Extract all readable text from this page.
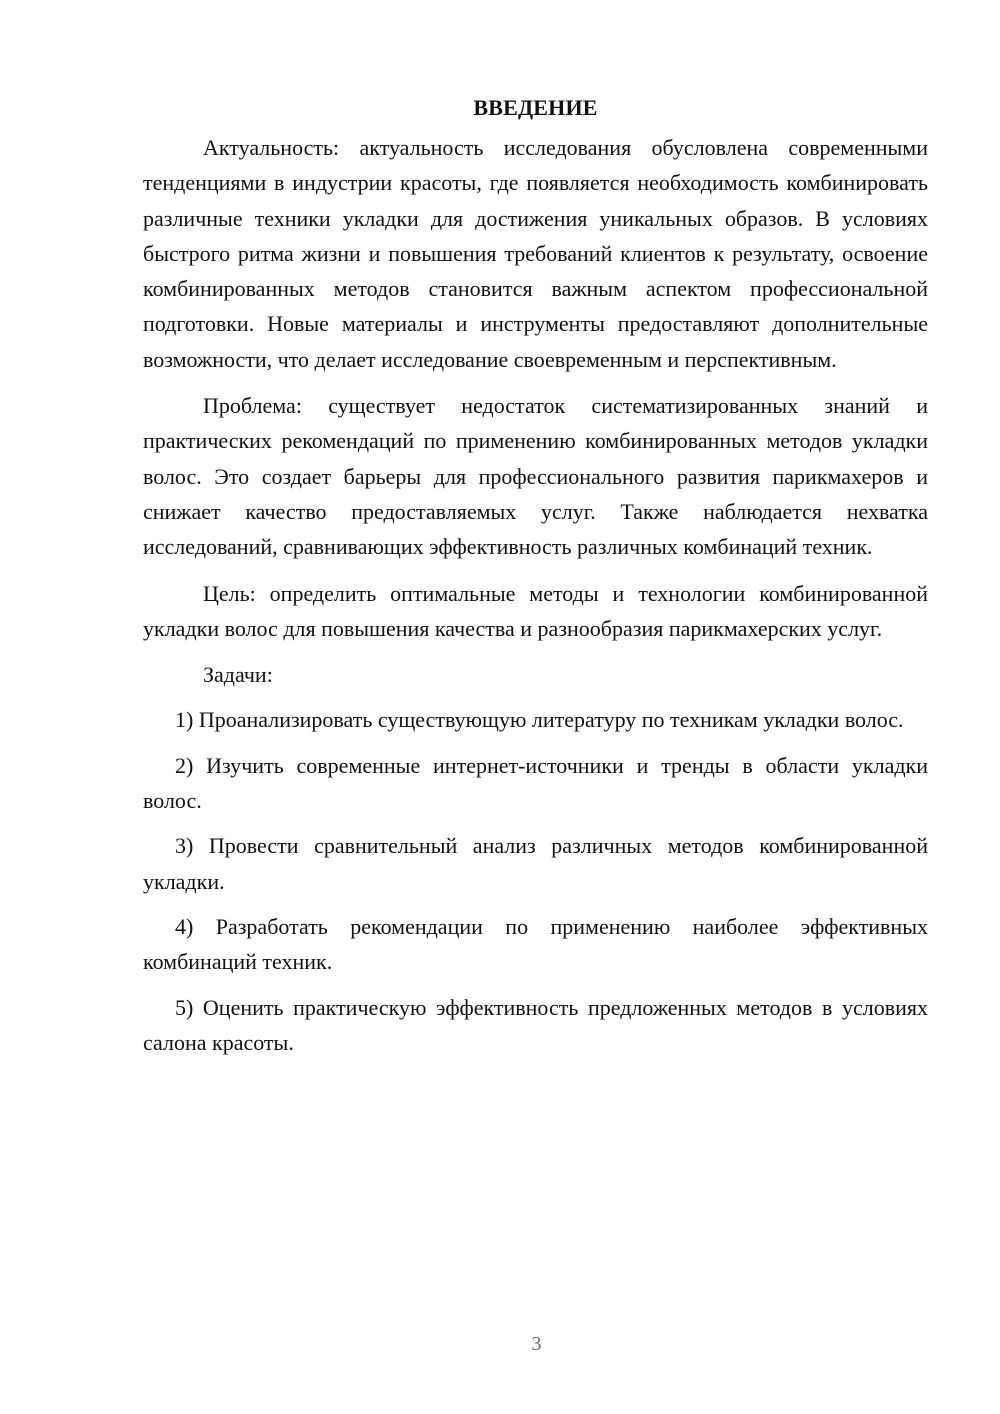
ВВЕДЕНИЕ

Актуальность: актуальность исследования обусловлена современными тенденциями в индустрии красоты, где появляется необходимость комбинировать различные техники укладки для достижения уникальных образов. В условиях быстрого ритма жизни и повышения требований клиентов к результату, освоение комбинированных методов становится важным аспектом профессиональной подготовки. Новые материалы и инструменты предоставляют дополнительные возможности, что делает исследование своевременным и перспективным.

Проблема: существует недостаток систематизированных знаний и практических рекомендаций по применению комбинированных методов укладки волос. Это создает барьеры для профессионального развития парикмахеров и снижает качество предоставляемых услуг. Также наблюдается нехватка исследований, сравнивающих эффективность различных комбинаций техник.

Цель: определить оптимальные методы и технологии комбинированной укладки волос для повышения качества и разнообразия парикмахерских услуг.

Задачи:

1) Проанализировать существующую литературу по техникам укладки волос.
2) Изучить современные интернет-источники и тренды в области укладки волос.
3) Провести сравнительный анализ различных методов комбинированной укладки.
4) Разработать рекомендации по применению наиболее эффективных комбинаций техник.
5) Оценить практическую эффективность предложенных методов в условиях салона красоты.
3
